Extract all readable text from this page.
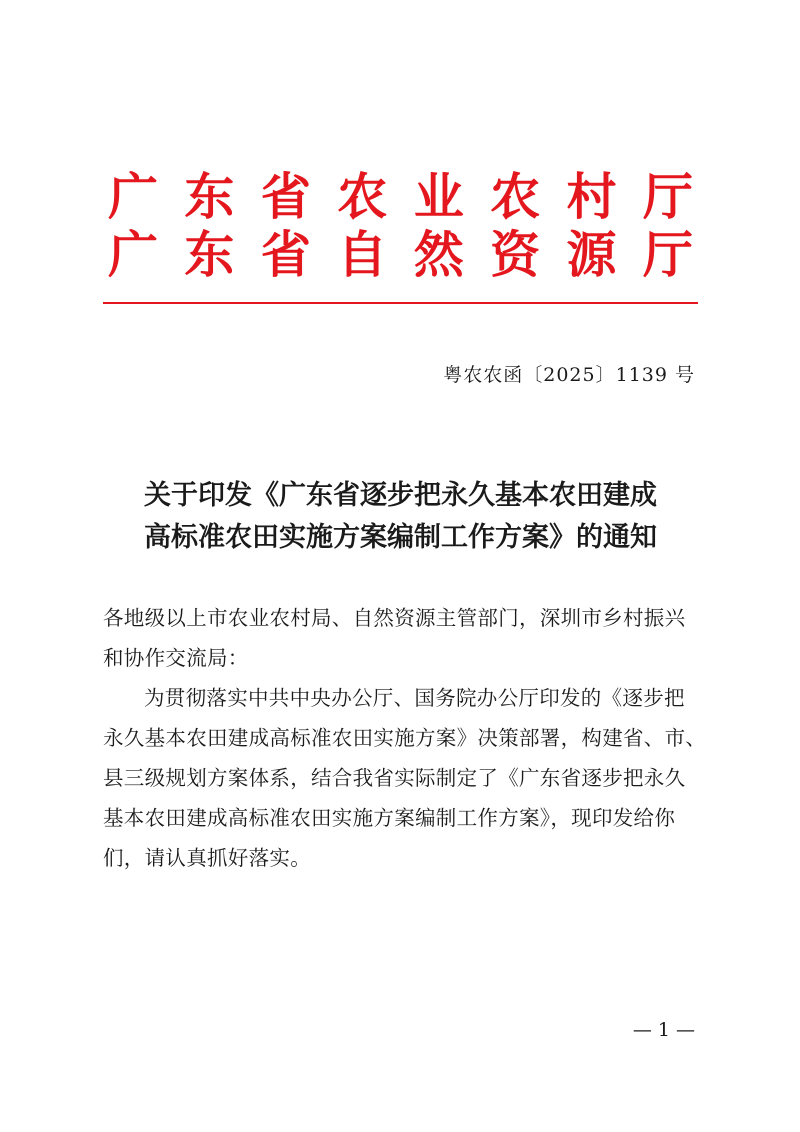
广 东 省 农 业 农 村 厅
广 东 省 自 然 资 源 厅
粤农农函〔2025〕1139 号
关于印发《广东省逐步把永久基本农田建成
高标准农田实施方案编制工作方案》的通知
各地级以上市农业农村局、自然资源主管部门，深圳市乡村振兴
和协作交流局：
为贯彻落实中共中央办公厅、国务院办公厅印发的《逐步把
永久基本农田建成高标准农田实施方案》决策部署，构建省、市、
县三级规划方案体系，结合我省实际制定了《广东省逐步把永久
基本农田建成高标准农田实施方案编制工作方案》，现印发给你
们，请认真抓好落实。
— 1 —
